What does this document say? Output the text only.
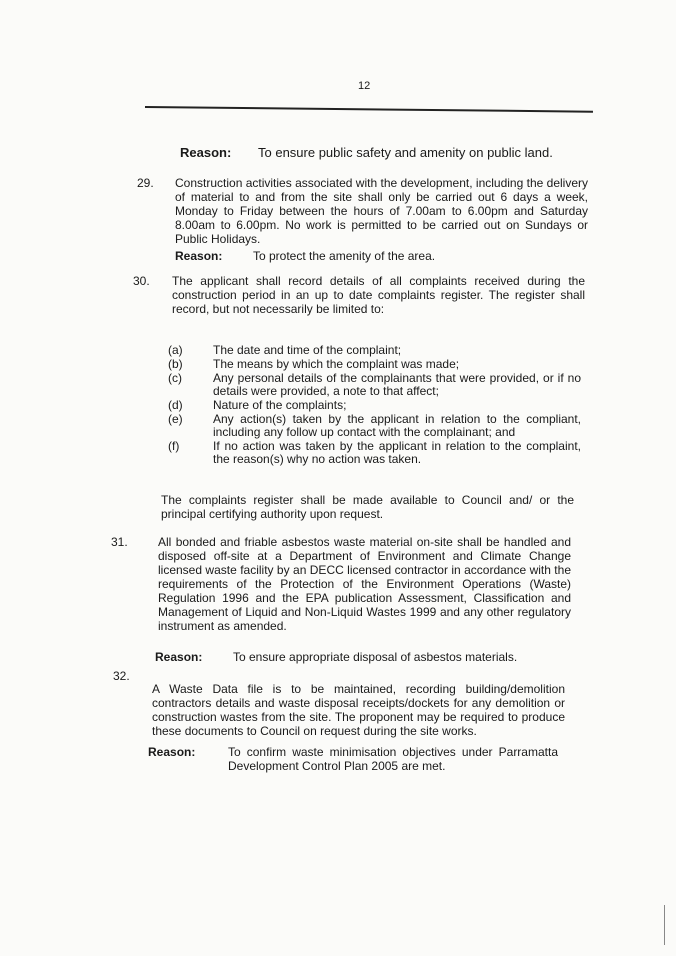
12
Reason: To ensure public safety and amenity on public land.
29. Construction activities associated with the development, including the delivery of material to and from the site shall only be carried out 6 days a week, Monday to Friday between the hours of 7.00am to 6.00pm and Saturday 8.00am to 6.00pm. No work is permitted to be carried out on Sundays or Public Holidays.
Reason:	To protect the amenity of the area.
30. The applicant shall record details of all complaints received during the construction period in an up to date complaints register. The register shall record, but not necessarily be limited to:
(a)	The date and time of the complaint;
(b)	The means by which the complaint was made;
(c)	Any personal details of the complainants that were provided, or if no details were provided, a note to that affect;
(d)	Nature of the complaints;
(e)	Any action(s) taken by the applicant in relation to the compliant, including any follow up contact with the complainant; and
(f)	If no action was taken by the applicant in relation to the complaint, the reason(s) why no action was taken.
The complaints register shall be made available to Council and/ or the principal certifying authority upon request.
31.	All bonded and friable asbestos waste material on-site shall be handled and disposed off-site at a Department of Environment and Climate Change licensed waste facility by an DECC licensed contractor in accordance with the requirements of the Protection of the Environment Operations (Waste) Regulation 1996 and the EPA publication Assessment, Classification and Management of Liquid and Non-Liquid Wastes 1999 and any other regulatory instrument as amended.
Reason:	To ensure appropriate disposal of asbestos materials.
32.
A Waste Data file is to be maintained, recording building/demolition contractors details and waste disposal receipts/dockets for any demolition or construction wastes from the site. The proponent may be required to produce these documents to Council on request during the site works.
Reason:	To confirm waste minimisation objectives under Parramatta Development Control Plan 2005 are met.
